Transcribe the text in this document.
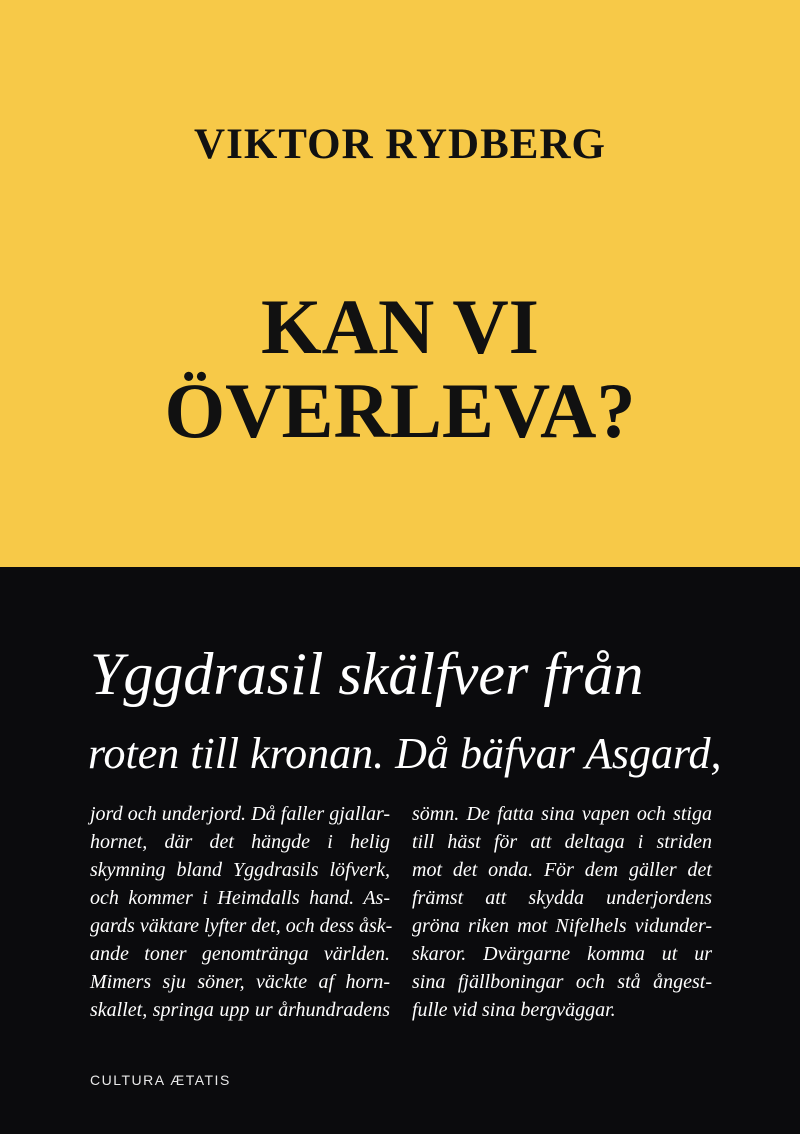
VIKTOR RYDBERG
KAN VI
ÖVERLEVA?
Yggdrasil skälfver från
roten till kronan. Då bäfvar Asgard,
jord och underjord. Då faller gjallar-
hornet, där det hängde i helig
skymning bland Yggdrasils löfverk,
och kommer i Heimdalls hand. As-
gards väktare lyfter det, och dess åsk-
ande toner genomtränga världen.
Mimers sju söner, väckte af horn-
skallet, springa upp ur århundradens
sömn. De fatta sina vapen och stiga
till häst för att deltaga i striden
mot det onda. För dem gäller det
främst att skydda underjordens
gröna riken mot Nifelhels vidunder-
skaror. Dvärgarne komma ut ur
sina fjällboningar och stå ångest-
fulle vid sina bergväggar.
CULTURA ÆTATIS
